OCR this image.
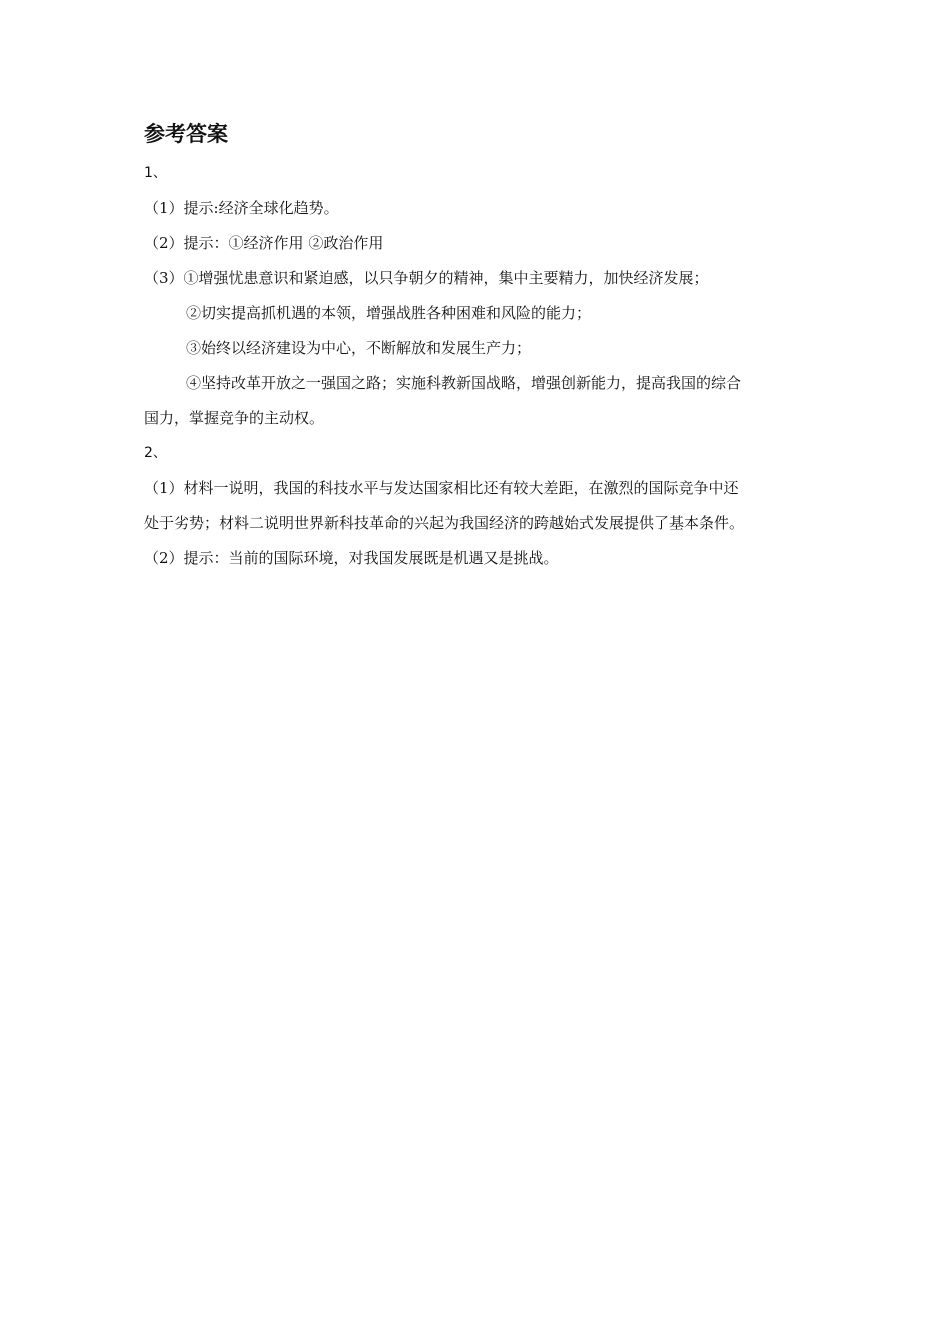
参考答案

1、

（1）提示:经济全球化趋势。

（2）提示：①经济作用 ②政治作用

（3）①增强忧患意识和紧迫感，以只争朝夕的精神，集中主要精力，加快经济发展；

②切实提高抓机遇的本领，增强战胜各种困难和风险的能力；

③始终以经济建设为中心，不断解放和发展生产力；

④坚持改革开放之一强国之路；实施科教新国战略，增强创新能力，提高我国的综合

国力，掌握竞争的主动权。

2、

（1）材料一说明，我国的科技水平与发达国家相比还有较大差距，在激烈的国际竞争中还

处于劣势；材料二说明世界新科技革命的兴起为我国经济的跨越始式发展提供了基本条件。

（2）提示：当前的国际环境，对我国发展既是机遇又是挑战。
